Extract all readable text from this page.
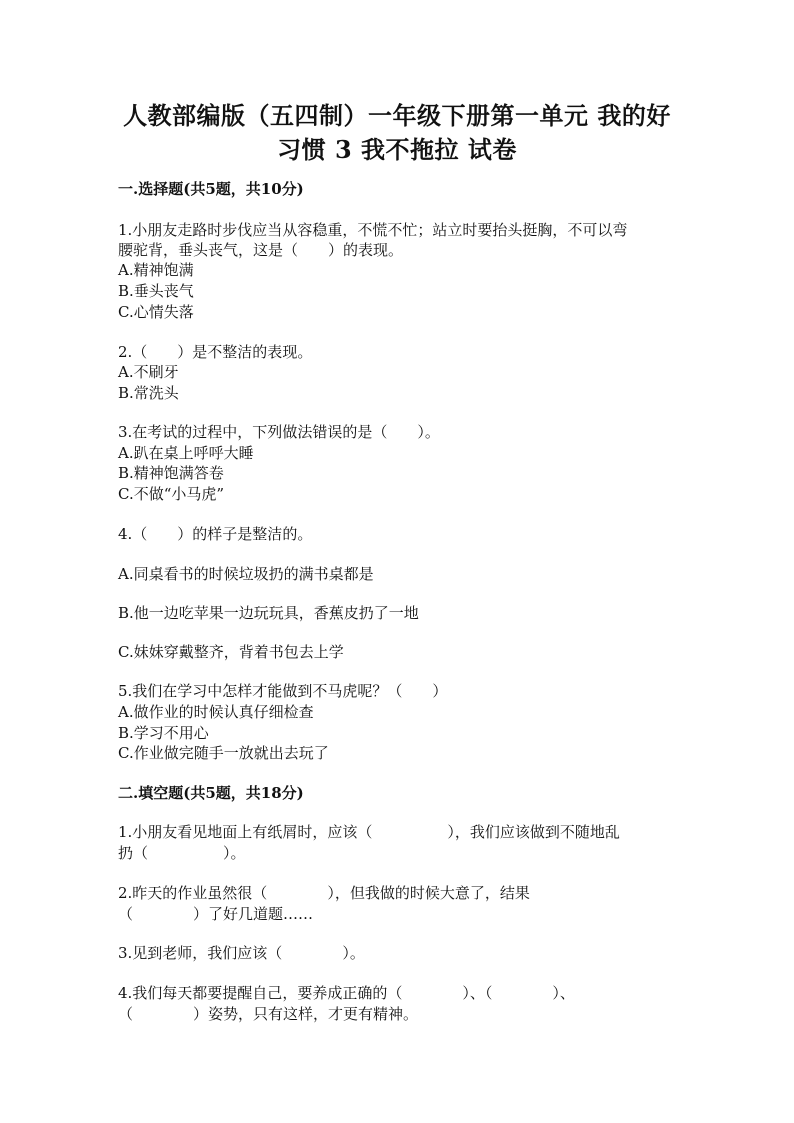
人教部编版（五四制）一年级下册第一单元 我的好
习惯 3 我不拖拉 试卷
一.选择题(共5题，共10分)
1.小朋友走路时步伐应当从容稳重，不慌不忙；站立时要抬头挺胸，不可以弯
腰驼背，垂头丧气，这是（　　）的表现。
A.精神饱满
B.垂头丧气
C.心情失落
2.（　　）是不整洁的表现。
A.不刷牙
B.常洗头
3.在考试的过程中，下列做法错误的是（　　）。
A.趴在桌上呼呼大睡
B.精神饱满答卷
C.不做“小马虎”
4.（　　）的样子是整洁的。
A.同桌看书的时候垃圾扔的满书桌都是
B.他一边吃苹果一边玩玩具，香蕉皮扔了一地
C.妹妹穿戴整齐，背着书包去上学
5.我们在学习中怎样才能做到不马虎呢？（　　）
A.做作业的时候认真仔细检查
B.学习不用心
C.作业做完随手一放就出去玩了
二.填空题(共5题，共18分)
1.小朋友看见地面上有纸屑时，应该（　　　　　），我们应该做到不随地乱
扔（　　　　　）。
2.昨天的作业虽然很（　　　　），但我做的时候大意了，结果
（　　　　）了好几道题……
3.见到老师，我们应该（　　　　）。
4.我们每天都要提醒自己，要养成正确的（　　　　）、（　　　　）、
（　　　　）姿势，只有这样，才更有精神。
